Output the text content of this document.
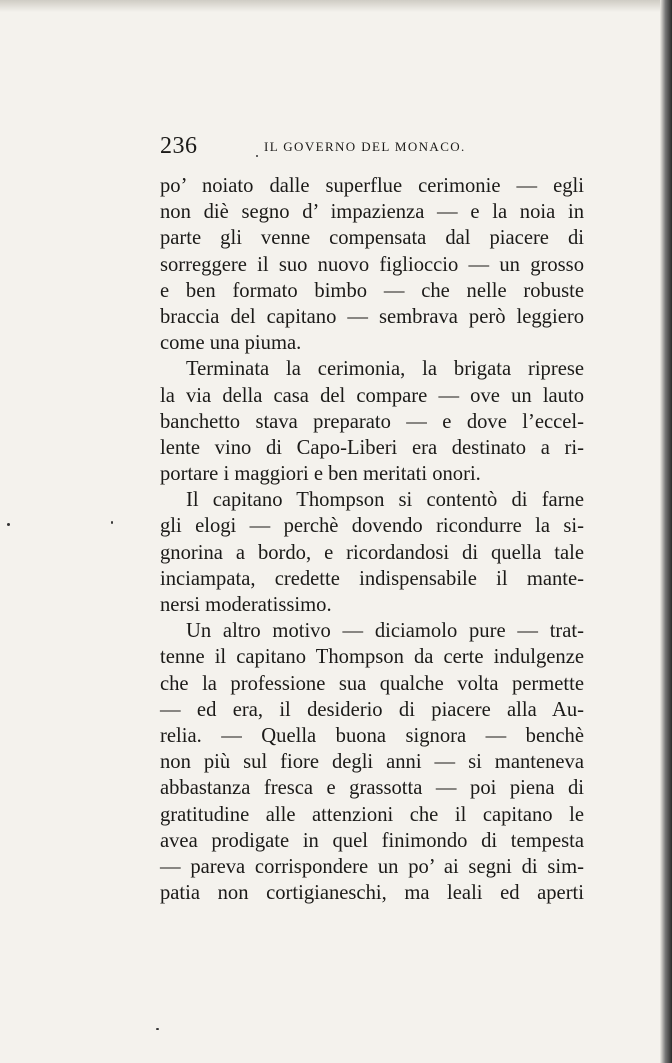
236	IL GOVERNO DEL MONACO.
po’ noiato dalle superflue cerimonie — egli
non diè segno d’ impazienza — e la noia in
parte gli venne compensata dal piacere di
sorreggere il suo nuovo figlioccio — un grosso
e ben formato bimbo — che nelle robuste
braccia del capitano — sembrava però leggiero
come una piuma.
Terminata la cerimonia, la brigata riprese
la via della casa del compare — ove un lauto
banchetto stava preparato — e dove l’eccel-
lente vino di Capo-Liberi era destinato a ri-
portare i maggiori e ben meritati onori.
Il capitano Thompson si contentò di farne
gli elogi — perchè dovendo ricondurre la si-
gnorina a bordo, e ricordandosi di quella tale
inciampata, credette indispensabile il mante-
nersi moderatissimo.
Un altro motivo — diciamolo pure — trat-
tenne il capitano Thompson da certe indulgenze
che la professione sua qualche volta permette
— ed era, il desiderio di piacere alla Au-
relia. — Quella buona signora — benchè
non più sul fiore degli anni — si manteneva
abbastanza fresca e grassotta — poi piena di
gratitudine alle attenzioni che il capitano le
avea prodigate in quel finimondo di tempesta
— pareva corrispondere un po’ ai segni di sim-
patia non cortigianeschi, ma leali ed aperti
